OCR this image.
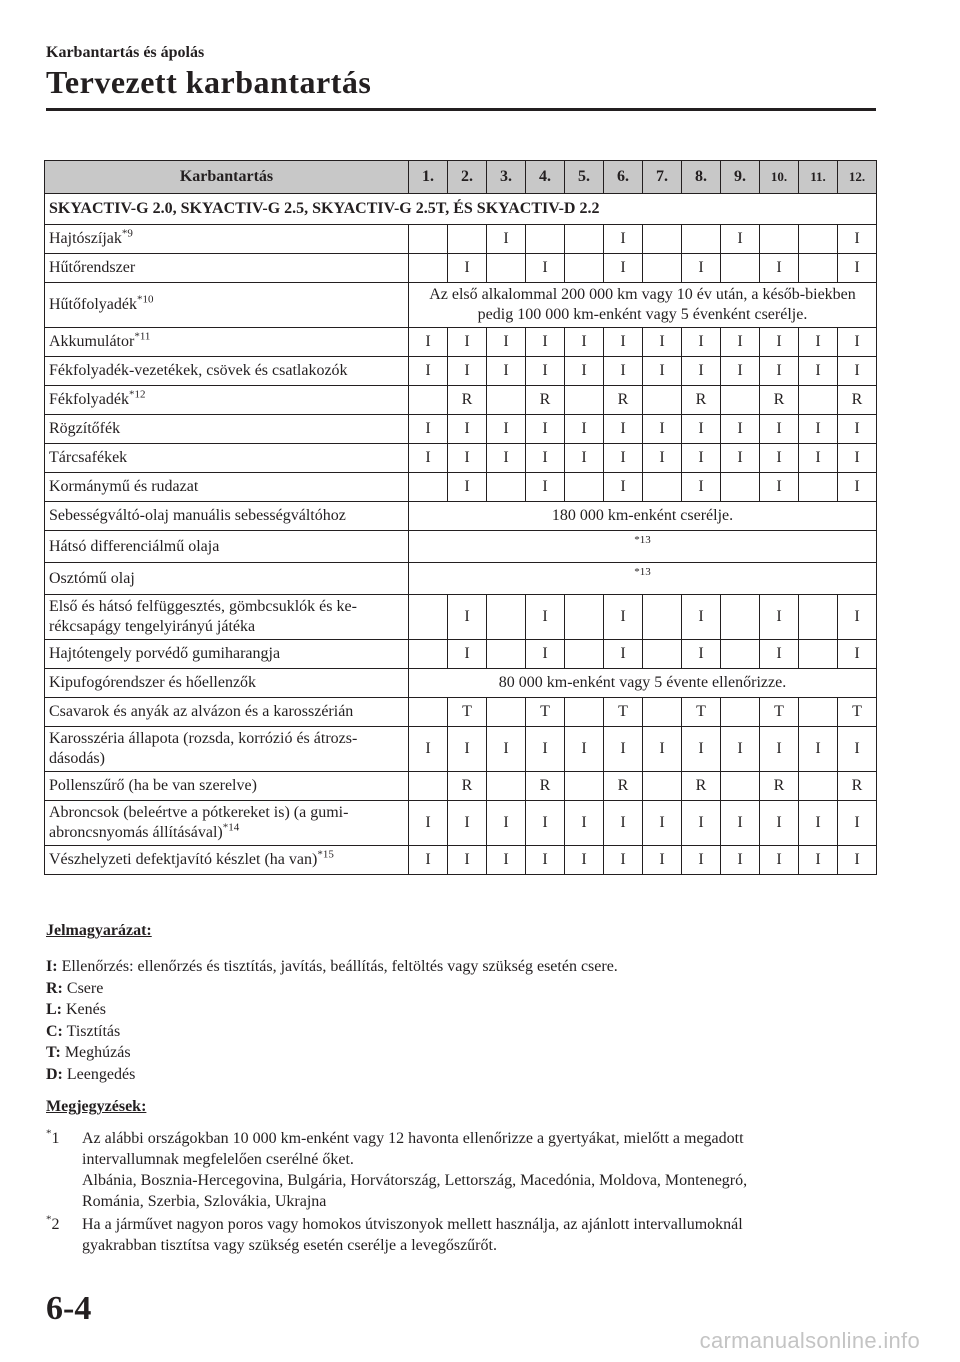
Karbantartás és ápolás
Tervezett karbantartás
Karbantartás	1.	2.	3.	4.	5.	6.	7.	8.	9.	10.	11.	12.
SKYACTIV-G 2.0, SKYACTIV-G 2.5, SKYACTIV-G 2.5T, ÉS SKYACTIV-D 2.2												
Hajtószíjak$^{*9}$			I			I			I			I
Hűtőrendszer		I		I		I		I		I		I
Hűtőfolyadék$^{*10}$	Az első alkalommal 200 000 km vagy 10 év után, a későb-biekben pedig 100 000 km-enként vagy 5 évenként cserélje.											
Akkumulátor$^{*11}$	I	I	I	I	I	I	I	I	I	I	I	I
Fékfolyadék-vezetékek, csövek és csatlakozók	I	I	I	I	I	I	I	I	I	I	I	I
Fékfolyadék$^{*12}$		R		R		R		R		R		R
Rögzítőfék	I	I	I	I	I	I	I	I	I	I	I	I
Tárcsafékek	I	I	I	I	I	I	I	I	I	I	I	I
Kormánymű és rudazat		I		I		I		I		I		I
Sebességváltó-olaj manuális sebességváltóhoz	180 000 km-enként cserélje.											
Hátsó differenciálmű olaja	*13											
Osztómű olaj	*13											
Első és hátsó felfüggesztés, gömbcsuklók és ke-rékcsapágy tengelyirányú játéka		I		I		I		I		I		I
Hajtótengely porvédő gumiharangja		I		I		I		I		I		I
Kipufogórendszer és hőellenzők	80 000 km-enként vagy 5 évente ellenőrizze.											
Csavarok és anyák az alvázon és a karosszérián		T		T		T		T		T		T
Karosszéria állapota (rozsda, korrózió és átrozs-dásodás)	I	I	I	I	I	I	I	I	I	I	I	I
Pollenszűrő (ha be van szerelve)		R		R		R		R		R		R
Abroncsok (beleértve a pótkereket is) (a gumi-abroncsnyomás állításával)$^{*14}$	I	I	I	I	I	I	I	I	I	I	I	I
Vészhelyzeti defektjavító készlet (ha van)$^{*15}$	I	I	I	I	I	I	I	I	I	I	I	I
Jelmagyarázat:
I: Ellenőrzés: ellenőrzés és tisztítás, javítás, beállítás, feltöltés vagy szükség esetén csere.
R: Csere
L: Kenés
C: Tisztítás
T: Meghúzás
D: Leengedés
Megjegyzések:
*1 Az alábbi országokban 10 000 km-enként vagy 12 havonta ellenőrizze a gyertyákat, mielőtt a megadott
intervallumnak megfelelően cserélné őket.
Albánia, Bosznia-Hercegovina, Bulgária, Horvátország, Lettország, Macedónia, Moldova, Montenegró,
Románia, Szerbia, Szlovákia, Ukrajna
*2 Ha a járművet nagyon poros vagy homokos útviszonyok mellett használja, az ajánlott intervallumoknál
gyakrabban tisztítsa vagy szükség esetén cserélje a levegőszűrőt.
6-4
carmanualsonline.info
